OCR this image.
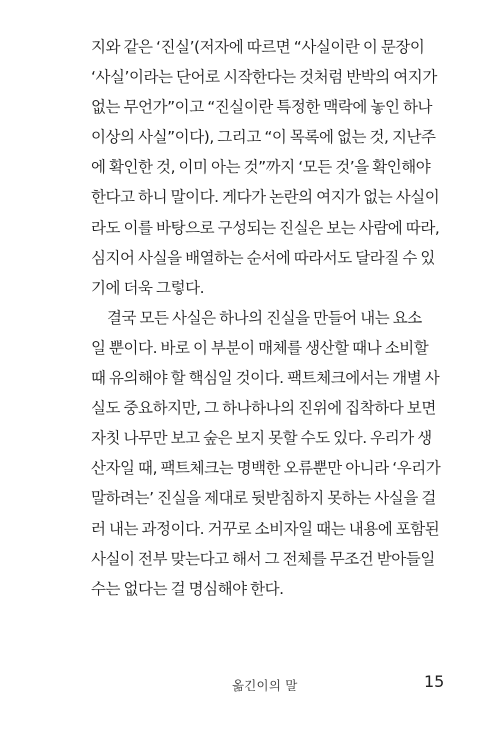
지와 같은 ‘진실’(저자에 따르면 “사실이란 이 문장이
‘사실’이라는 단어로 시작한다는 것처럼 반박의 여지가
없는 무언가”이고 “진실이란 특정한 맥락에 놓인 하나
이상의 사실”이다), 그리고 “이 목록에 없는 것, 지난주
에 확인한 것, 이미 아는 것”까지 ‘모든 것’을 확인해야
한다고 하니 말이다. 게다가 논란의 여지가 없는 사실이
라도 이를 바탕으로 구성되는 진실은 보는 사람에 따라,
심지어 사실을 배열하는 순서에 따라서도 달라질 수 있
기에 더욱 그렇다.
결국 모든 사실은 하나의 진실을 만들어 내는 요소
일 뿐이다. 바로 이 부분이 매체를 생산할 때나 소비할
때 유의해야 할 핵심일 것이다. 팩트체크에서는 개별 사
실도 중요하지만, 그 하나하나의 진위에 집착하다 보면
자칫 나무만 보고 숲은 보지 못할 수도 있다. 우리가 생
산자일 때, 팩트체크는 명백한 오류뿐만 아니라 ‘우리가
말하려는’ 진실을 제대로 뒷받침하지 못하는 사실을 걸
러 내는 과정이다. 거꾸로 소비자일 때는 내용에 포함된
사실이 전부 맞는다고 해서 그 전체를 무조건 받아들일
수는 없다는 걸 명심해야 한다.
옮긴이의 말	15
